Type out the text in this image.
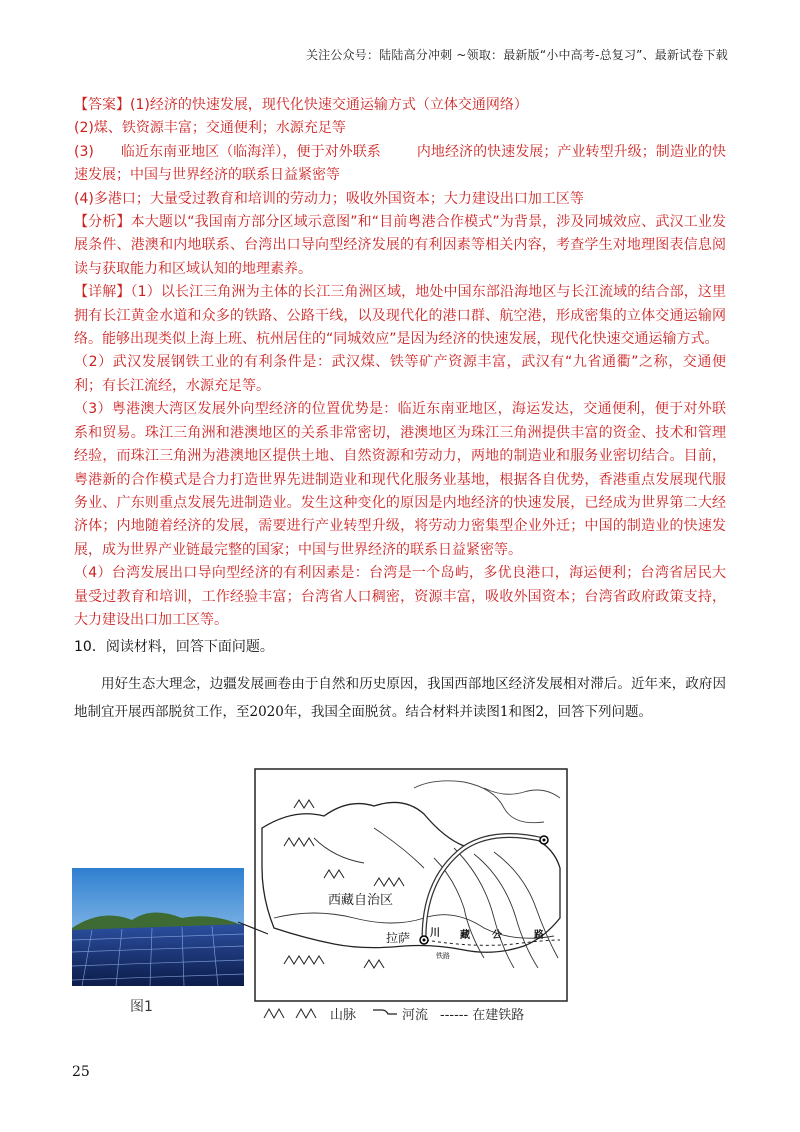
关注公众号：陆陆高分冲刺 ~领取：最新版“小中高考-总复习”、最新试卷下载

【答案】(1)经济的快速发展，现代化快速交通运输方式（立体交通网络）

(2)煤、铁资源丰富；交通便利；水源充足等

(3)      临近东南亚地区（临海洋），便于对外联系        内地经济的快速发展；产业转型升级；制造业的快速发展；中国与世界经济的联系日益紧密等

(4)多港口；大量受过教育和培训的劳动力；吸收外国资本；大力建设出口加工区等

【分析】本大题以“我国南方部分区域示意图”和“目前粤港合作模式”为背景，涉及同城效应、武汉工业发展条件、港澳和内地联系、台湾出口导向型经济发展的有利因素等相关内容，考查学生对地理图表信息阅读与获取能力和区域认知的地理素养。

【详解】（1）以长江三角洲为主体的长江三角洲区域，地处中国东部沿海地区与长江流域的结合部，这里拥有长江黄金水道和众多的铁路、公路干线，以及现代化的港口群、航空港，形成密集的立体交通运输网络。能够出现类似上海上班、杭州居住的“同城效应”是因为经济的快速发展，现代化快速交通运输方式。

（2）武汉发展钢铁工业的有利条件是：武汉煤、铁等矿产资源丰富，武汉有“九省通衢”之称，交通便利；有长江流经，水源充足等。

（3）粤港澳大湾区发展外向型经济的位置优势是：临近东南亚地区，海运发达，交通便利，便于对外联系和贸易。珠江三角洲和港澳地区的关系非常密切，港澳地区为珠江三角洲提供丰富的资金、技术和管理经验，而珠江三角洲为港澳地区提供土地、自然资源和劳动力，两地的制造业和服务业密切结合。目前，粤港新的合作模式是合力打造世界先进制造业和现代化服务业基地，根据各自优势，香港重点发展现代服务业、广东则重点发展先进制造业。发生这种变化的原因是内地经济的快速发展，已经成为世界第二大经济体；内地随着经济的发展，需要进行产业转型升级，将劳动力密集型企业外迁；中国的制造业的快速发展，成为世界产业链最完整的国家；中国与世界经济的联系日益紧密等。

（4）台湾发展出口导向型经济的有利因素是：台湾是一个岛屿，多优良港口，海运便利；台湾省居民大量受过教育和培训，工作经验丰富；台湾省人口稠密，资源丰富，吸收外国资本；台湾省政府政策支持，大力建设出口加工区等。

10．阅读材料，回答下面问题。

用好生态大理念，边疆发展画卷由于自然和历史原因，我国西部地区经济发展相对滞后。近年来，政府因地制宜开展西部脱贫工作，至2020年，我国全面脱贫。结合材料并读图1和图2，回答下列问题。

图1
西藏自治区
拉萨 川 藏 公	路
铁路
山脉	河流 ------ 在建铁路
25
